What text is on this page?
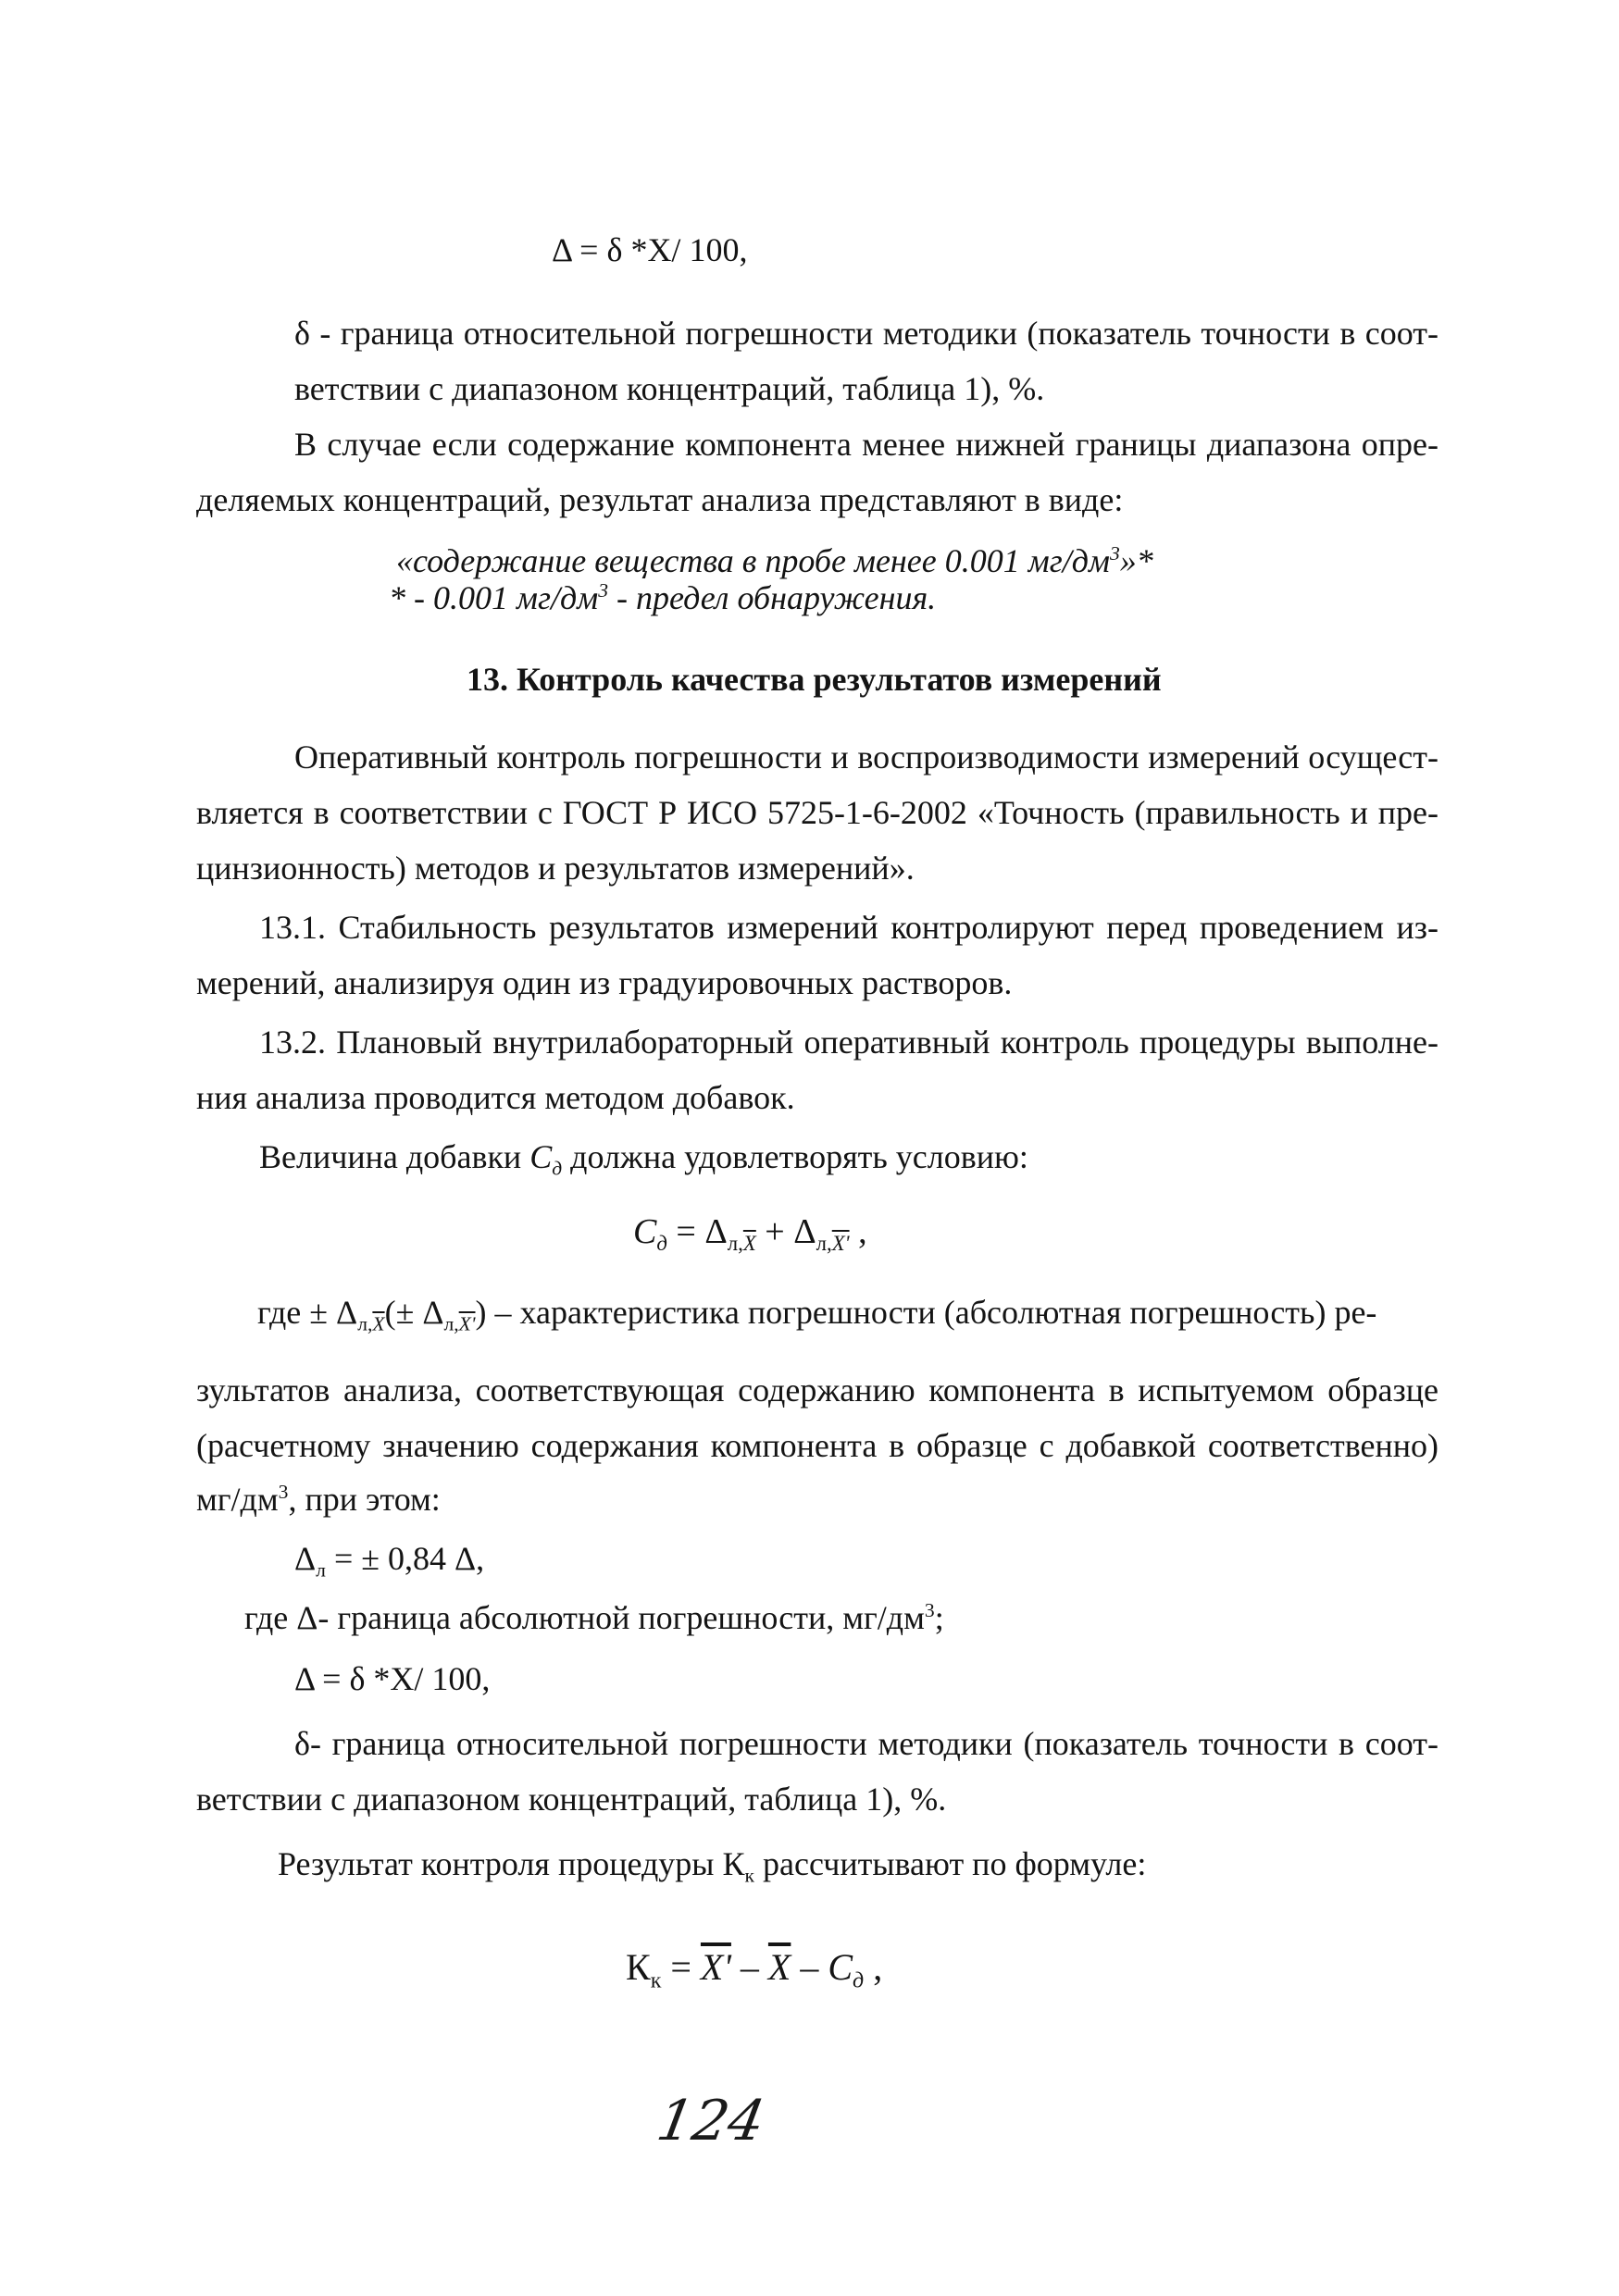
Δ = δ *X/ 100,
δ - граница относительной погрешности методики (показатель точности в соот-
ветствии с диапазоном концентраций, таблица 1), %.
В случае если содержание компонента менее нижней границы диапазона опре-
деляемых концентраций, результат анализа представляют в виде:
«содержание вещества в пробе менее 0.001 $мг/дм^3»*$
* - 0.001 $мг/дм^3$ - предел обнаружения.
13. Контроль качества результатов измерений
Оперативный контроль погрешности и воспроизводимости измерений осущест-
вляется в соответствии с ГОСТ Р ИСО 5725-1-6-2002 «Точность (правильность и пре-
цинзионность) методов и результатов измерений».
13.1. Стабильность результатов измерений контролируют перед проведением из-
мерений, анализируя один из градуировочных растворов.
13.2. Плановый внутрилабораторный оперативный контроль процедуры выполне-
ния анализа проводится методом добавок.
Величина добавки $C_д$ должна удовлетворять условию:
$C_д = \Delta_{л,\overline{X}} + \Delta_{л,X'}$ ,
где ± $\Delta_{л,\overline{X}}(\pm \Delta_{л,X'})$ – характеристика погрешности (абсолютная погрешность) ре-
зультатов анализа, соответствующая содержанию компонента в испытуемом образце
(расчетному значению содержания компонента в образце с добавкой соответственно)
$мг/дм^3$, при этом:
$\Delta_л$ = ± 0,84 Δ,
где Δ- граница абсолютной погрешности, $мг/дм^3$;
Δ = δ *X/ 100,
δ- граница относительной погрешности методики (показатель точности в соот-
ветствии с диапазоном концентраций, таблица 1), %.
Результат контроля процедуры $К_к$ рассчитывают по формуле:
$К_к = X' - \overline{X} - C_д$ ,
124
